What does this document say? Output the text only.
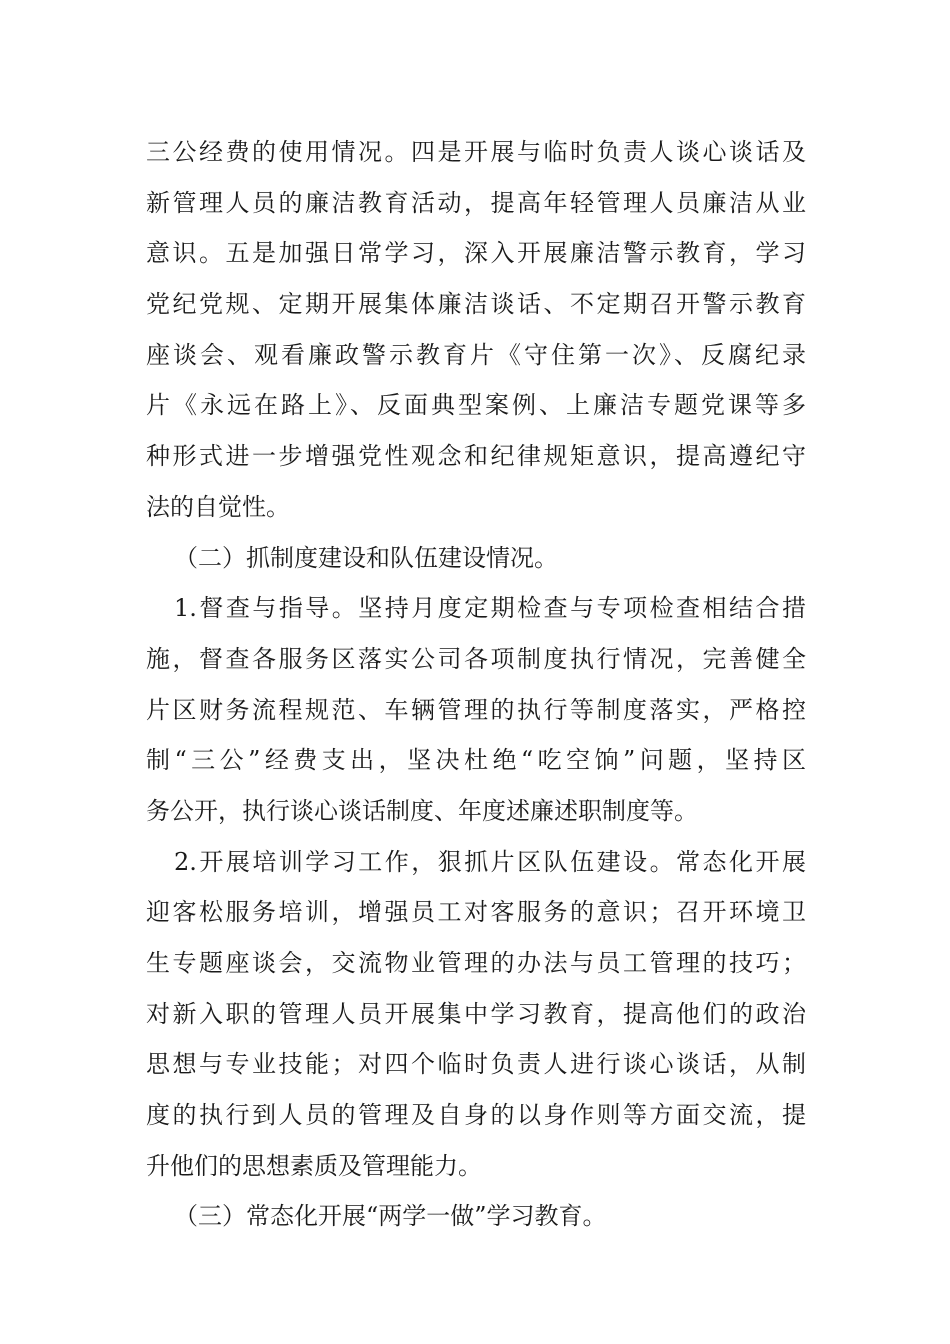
三公经费的使用情况。四是开展与临时负责人谈心谈话及
新管理人员的廉洁教育活动，提高年轻管理人员廉洁从业
意识。五是加强日常学习，深入开展廉洁警示教育，学习
党纪党规、定期开展集体廉洁谈话、不定期召开警示教育
座谈会、观看廉政警示教育片《守住第一次》、反腐纪录
片《永远在路上》、反面典型案例、上廉洁专题党课等多
种形式进一步增强党性观念和纪律规矩意识，提高遵纪守
法的自觉性。
（二）抓制度建设和队伍建设情况。
1.督查与指导。坚持月度定期检查与专项检查相结合措
施，督查各服务区落实公司各项制度执行情况，完善健全
片区财务流程规范、车辆管理的执行等制度落实，严格控
制“三公”经费支出，坚决杜绝“吃空饷”问题，坚持区
务公开，执行谈心谈话制度、年度述廉述职制度等。
2.开展培训学习工作，狠抓片区队伍建设。常态化开展
迎客松服务培训，增强员工对客服务的意识；召开环境卫
生专题座谈会，交流物业管理的办法与员工管理的技巧；
对新入职的管理人员开展集中学习教育，提高他们的政治
思想与专业技能；对四个临时负责人进行谈心谈话，从制
度的执行到人员的管理及自身的以身作则等方面交流，提
升他们的思想素质及管理能力。
（三）常态化开展“两学一做”学习教育。
